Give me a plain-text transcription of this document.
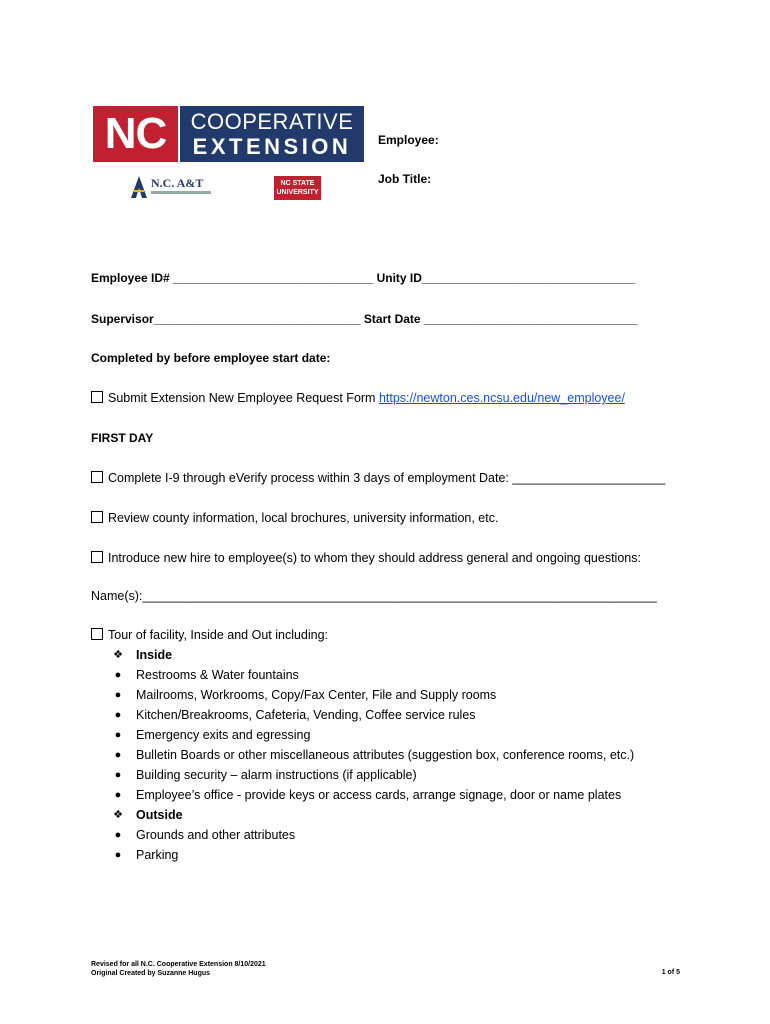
NC	COOPERATIVE
EXTENSION
N.C. A&T	NC STATE UNIVERSITY
Employee:
Job Title:
Employee ID# ______________________________ Unity ID________________________________
Supervisor_______________________________ Start Date ________________________________
Completed by before employee start date:
Submit Extension New Employee Request Form https://newton.ces.ncsu.edu/new_employee/
FIRST DAY
Complete I-9 through eVerify process within 3 days of employment Date: ______________________
Review county information, local brochures, university information, etc.
Introduce new hire to employee(s) to whom they should address general and ongoing questions:
Name(s):__________________________________________________________________________
Tour of facility, Inside and Out including:
❖ Inside
● Restrooms & Water fountains
● Mailrooms, Workrooms, Copy/Fax Center, File and Supply rooms
● Kitchen/Breakrooms, Cafeteria, Vending, Coffee service rules
● Emergency exits and egressing
● Bulletin Boards or other miscellaneous attributes (suggestion box, conference rooms, etc.)
● Building security – alarm instructions (if applicable)
● Employee’s office - provide keys or access cards, arrange signage, door or name plates
❖ Outside
● Grounds and other attributes
● Parking
Revised for all N.C. Cooperative Extension 8/10/2021
Original Created by Suzanne Hugus	1 of 5
